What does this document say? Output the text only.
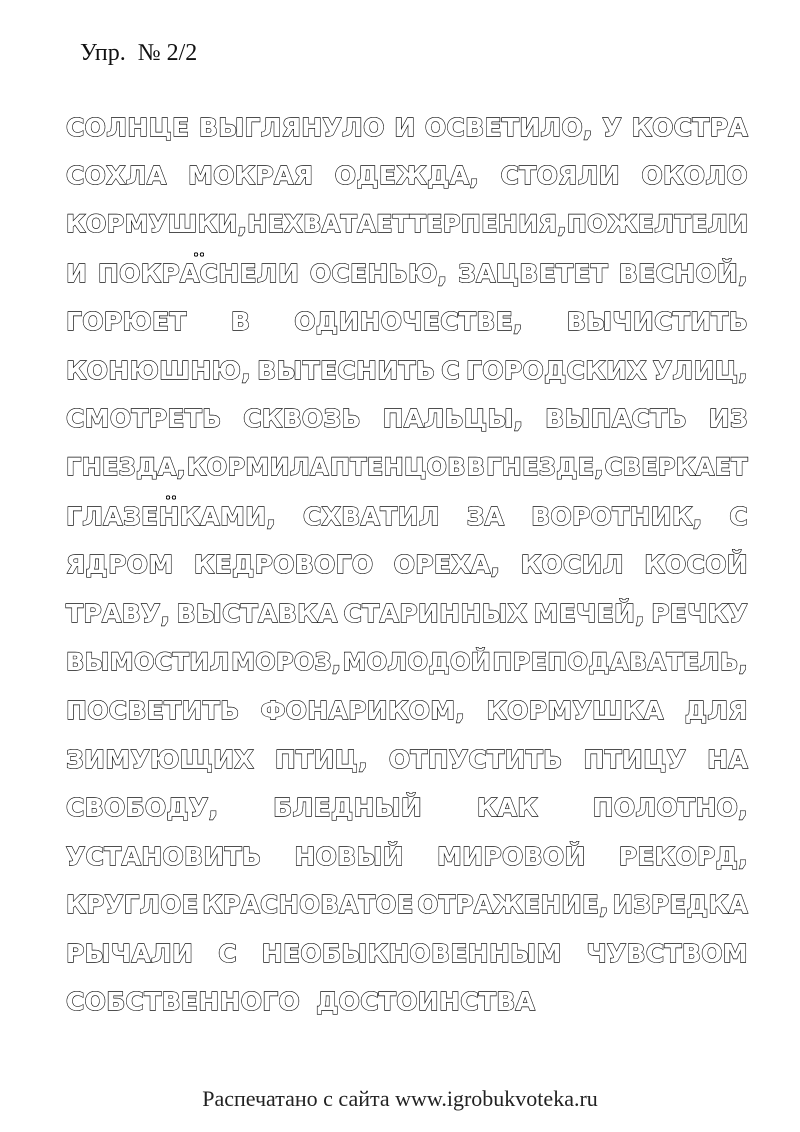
Упр.  № 2/2
СОЛНЦЕ ВЫГЛЯНУЛО И ОСВЕТИЛО, У КОСТРА
СОХЛА МОКРАЯ ОДЕЖДА, СТОЯЛИ ОКОЛО
КОРМУШКИ, НЕ ХВАТАЕТ ТЕРПЕНИЯ, ПОЖЕЛТЕЛИ
И ПОКРАСНЕЛИ ОСЕНЬЮ, ЗАЦВЕТЕТ ВЕСНОЙ,
ГОРЮЕТ В ОДИНОЧЕСТВЕ, ВЫЧИСТИТЬ
КОНЮШНЮ, ВЫТЕСНИТЬ С ГОРОДСКИХ УЛИЦ,
СМОТРЕТЬ СКВОЗЬ ПАЛЬЦЫ, ВЫПАСТЬ ИЗ
ГНЕЗДА, КОРМИЛА ПТЕНЦОВ В ГНЕЗДЕ, СВЕРКАЕТ
ГЛАЗЕНКАМИ, СХВАТИЛ ЗА ВОРОТНИК, С
ЯДРОМ КЕДРОВОГО ОРЕХА, КОСИЛ КОСОЙ
ТРАВУ, ВЫСТАВКА СТАРИННЫХ МЕЧЕЙ, РЕЧКУ
ВЫМОСТИЛ МОРОЗ, МОЛОДОЙ ПРЕПОДАВАТЕЛЬ,
ПОСВЕТИТЬ ФОНАРИКОМ, КОРМУШКА ДЛЯ
ЗИМУЮЩИХ ПТИЦ, ОТПУСТИТЬ ПТИЦУ НА
СВОБОДУ, БЛЕДНЫЙ КАК ПОЛОТНО,
УСТАНОВИТЬ НОВЫЙ МИРОВОЙ РЕКОРД,
КРУГЛОЕ КРАСНОВАТОЕ ОТРАЖЕНИЕ, ИЗРЕДКА
РЫЧАЛИ С НЕОБЫКНОВЕННЫМ ЧУВСТВОМ
СОБСТВЕННОГО ДОСТОИНСТВА
Распечатано с сайта www.igrobukvoteka.ru
